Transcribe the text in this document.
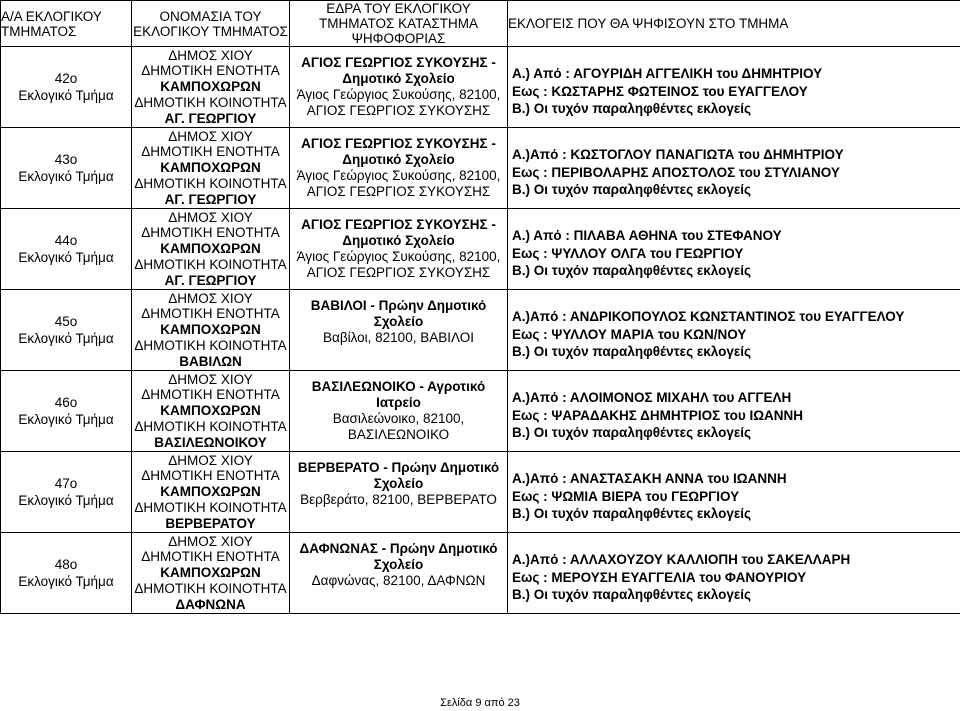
Α/Α ΕΚΛΟΓΙΚΟΥ ΤΜΗΜΑΤΟΣ	ΟΝΟΜΑΣΙΑ ΤΟΥ ΕΚΛΟΓΙΚΟΥ ΤΜΗΜΑΤΟΣ	ΕΔΡΑ ΤΟΥ ΕΚΛΟΓΙΚΟΥ ΤΜΗΜΑΤΟΣ ΚΑΤΑΣΤΗΜΑ ΨΗΦΟΦΟΡΙΑΣ	ΕΚΛΟΓΕΙΣ ΠΟΥ ΘΑ ΨΗΦΙΣΟΥΝ ΣΤΟ ΤΜΗΜΑ

42ο
Εκλογικό Τμήμα	ΔΗΜΟΣ ΧΙΟΥ
ΔΗΜΟΤΙΚΗ ΕΝΟΤΗΤΑ
ΚΑΜΠΟΧΩΡΩΝ
ΔΗΜΟΤΙΚΗ ΚΟΙΝΟΤΗΤΑ
ΑΓ. ΓΕΩΡΓΙΟΥ	ΑΓΙΟΣ ΓΕΩΡΓΙΟΣ ΣΥΚΟΥΣΗΣ -
Δημοτικό Σχολείο
Άγιος Γεώργιος Συκούσης, 82100,
ΑΓΙΟΣ ΓΕΩΡΓΙΟΣ ΣΥΚΟΥΣΗΣ	Α.) Από : ΑΓΟΥΡΙΔΗ ΑΓΓΕΛΙΚΗ του ΔΗΜΗΤΡΙΟΥ
Εως : ΚΩΣΤΑΡΗΣ ΦΩΤΕΙΝΟΣ του ΕΥΑΓΓΕΛΟΥ
Β.) Οι τυχόν παραληφθέντες εκλογείς

43ο
Εκλογικό Τμήμα	ΔΗΜΟΣ ΧΙΟΥ
ΔΗΜΟΤΙΚΗ ΕΝΟΤΗΤΑ
ΚΑΜΠΟΧΩΡΩΝ
ΔΗΜΟΤΙΚΗ ΚΟΙΝΟΤΗΤΑ
ΑΓ. ΓΕΩΡΓΙΟΥ	ΑΓΙΟΣ ΓΕΩΡΓΙΟΣ ΣΥΚΟΥΣΗΣ -
Δημοτικό Σχολείο
Άγιος Γεώργιος Συκούσης, 82100,
ΑΓΙΟΣ ΓΕΩΡΓΙΟΣ ΣΥΚΟΥΣΗΣ	Α.)Από : ΚΩΣΤΟΓΛΟΥ ΠΑΝΑΓΙΩΤΑ του ΔΗΜΗΤΡΙΟΥ
Εως : ΠΕΡΙΒΟΛΑΡΗΣ ΑΠΟΣΤΟΛΟΣ του ΣΤΥΛΙΑΝΟΥ
Β.) Οι τυχόν παραληφθέντες εκλογείς

44ο
Εκλογικό Τμήμα	ΔΗΜΟΣ ΧΙΟΥ
ΔΗΜΟΤΙΚΗ ΕΝΟΤΗΤΑ
ΚΑΜΠΟΧΩΡΩΝ
ΔΗΜΟΤΙΚΗ ΚΟΙΝΟΤΗΤΑ
ΑΓ. ΓΕΩΡΓΙΟΥ	ΑΓΙΟΣ ΓΕΩΡΓΙΟΣ ΣΥΚΟΥΣΗΣ -
Δημοτικό Σχολείο
Άγιος Γεώργιος Συκούσης, 82100,
ΑΓΙΟΣ ΓΕΩΡΓΙΟΣ ΣΥΚΟΥΣΗΣ	Α.) Από : ΠΙΛΑΒΑ ΑΘΗΝΑ του ΣΤΕΦΑΝΟΥ
Εως : ΨΥΛΛΟΥ ΟΛΓΑ του ΓΕΩΡΓΙΟΥ
Β.) Οι τυχόν παραληφθέντες εκλογείς

45ο
Εκλογικό Τμήμα	ΔΗΜΟΣ ΧΙΟΥ
ΔΗΜΟΤΙΚΗ ΕΝΟΤΗΤΑ
ΚΑΜΠΟΧΩΡΩΝ
ΔΗΜΟΤΙΚΗ ΚΟΙΝΟΤΗΤΑ
ΒΑΒΙΛΩΝ	ΒΑΒΙΛΟΙ - Πρώην Δημοτικό
Σχολείο
Βαβίλοι, 82100, ΒΑΒΙΛΟΙ	Α.)Από : ΑΝΔΡΙΚΟΠΟΥΛΟΣ ΚΩΝΣΤΑΝΤΙΝΟΣ του ΕΥΑΓΓΕΛΟΥ
Εως : ΨΥΛΛΟΥ ΜΑΡΙΑ του ΚΩΝ/ΝΟΥ
Β.) Οι τυχόν παραληφθέντες εκλογείς

46ο
Εκλογικό Τμήμα	ΔΗΜΟΣ ΧΙΟΥ
ΔΗΜΟΤΙΚΗ ΕΝΟΤΗΤΑ
ΚΑΜΠΟΧΩΡΩΝ
ΔΗΜΟΤΙΚΗ ΚΟΙΝΟΤΗΤΑ
ΒΑΣΙΛΕΩΝΟΙΚΟΥ	ΒΑΣΙΛΕΩΝΟΙΚΟ - Αγροτικό
Ιατρείο
Βασιλεώνοικο, 82100,
ΒΑΣΙΛΕΩΝΟΙΚΟ	Α.)Από : ΑΛΟΙΜΟΝΟΣ ΜΙΧΑΗΛ του ΑΓΓΕΛΗ
Εως : ΨΑΡΑΔΑΚΗΣ ΔΗΜΗΤΡΙΟΣ του ΙΩΑΝΝΗ
Β.) Οι τυχόν παραληφθέντες εκλογείς

47ο
Εκλογικό Τμήμα	ΔΗΜΟΣ ΧΙΟΥ
ΔΗΜΟΤΙΚΗ ΕΝΟΤΗΤΑ
ΚΑΜΠΟΧΩΡΩΝ
ΔΗΜΟΤΙΚΗ ΚΟΙΝΟΤΗΤΑ
ΒΕΡΒΕΡΑΤΟΥ	ΒΕΡΒΕΡΑΤΟ - Πρώην Δημοτικό
Σχολείο
Βερβεράτο, 82100, ΒΕΡΒΕΡΑΤΟ	Α.)Από : ΑΝΑΣΤΑΣΑΚΗ ΑΝΝΑ του ΙΩΑΝΝΗ
Εως : ΨΩΜΙΑ ΒΙΕΡΑ του ΓΕΩΡΓΙΟΥ
Β.) Οι τυχόν παραληφθέντες εκλογείς

48ο
Εκλογικό Τμήμα	ΔΗΜΟΣ ΧΙΟΥ
ΔΗΜΟΤΙΚΗ ΕΝΟΤΗΤΑ
ΚΑΜΠΟΧΩΡΩΝ
ΔΗΜΟΤΙΚΗ ΚΟΙΝΟΤΗΤΑ
ΔΑΦΝΩΝΑ	ΔΑΦΝΩΝΑΣ - Πρώην Δημοτικό
Σχολείο
Δαφνώνας, 82100, ΔΑΦΝΩΝ	Α.)Από : ΑΛΛΑΧΟΥΖΟΥ ΚΑΛΛΙΟΠΗ του ΣΑΚΕΛΛΑΡΗ
Εως : ΜΕΡΟΥΣΗ ΕΥΑΓΓΕΛΙΑ του ΦΑΝΟΥΡΙΟΥ
Β.) Οι τυχόν παραληφθέντες εκλογείς
Σελίδα 9 από 23
